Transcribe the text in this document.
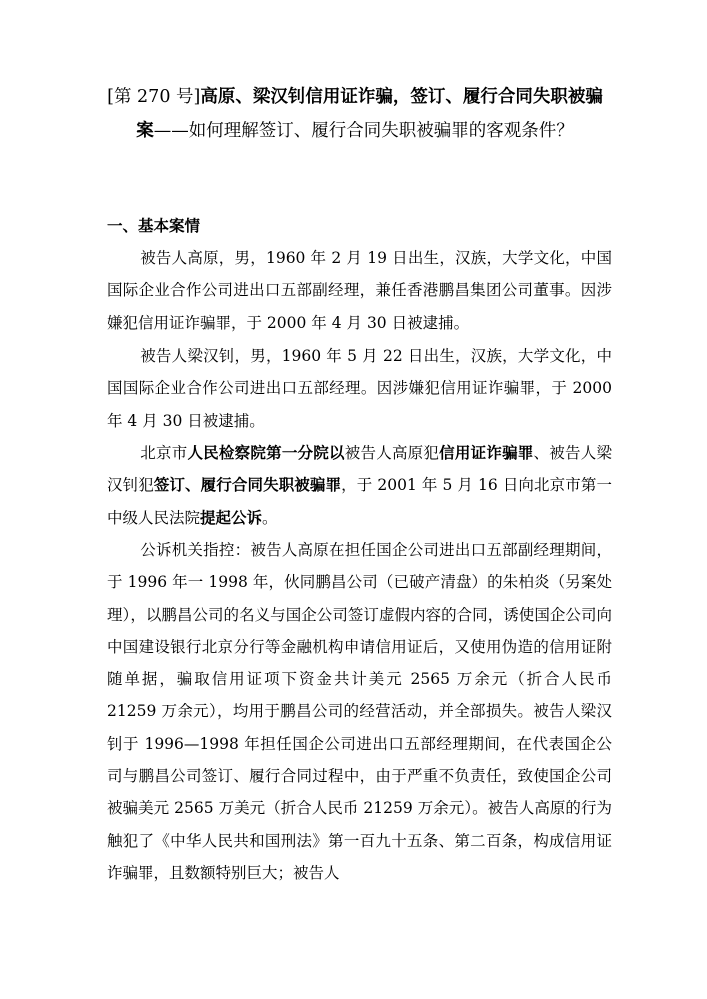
[第 270 号]高原、梁汉钊信用证诈骗，签订、履行合同失职被骗
案——如何理解签订、履行合同失职被骗罪的客观条件？
一、基本案情

被告人高原，男，1960 年 2 月 19 日出生，汉族，大学文化，中国国际企业合作公司进出口五部副经理，兼任香港鹏昌集团公司董事。因涉嫌犯信用证诈骗罪，于 2000 年 4 月 30 日被逮捕。

被告人梁汉钊，男，1960 年 5 月 22 日出生，汉族，大学文化，中国国际企业合作公司进出口五部经理。因涉嫌犯信用证诈骗罪，于 2000 年 4 月 30 日被逮捕。

北京市人民检察院第一分院以被告人高原犯信用证诈骗罪、被告人梁汉钊犯签订、履行合同失职被骗罪，于 2001 年 5 月 16 日向北京市第一中级人民法院提起公诉。

公诉机关指控：被告人高原在担任国企公司进出口五部副经理期间，于 1996 年一 1998 年，伙同鹏昌公司（已破产清盘）的朱柏炎（另案处理），以鹏昌公司的名义与国企公司签订虚假内容的合同，诱使国企公司向中国建设银行北京分行等金融机构申请信用证后，又使用伪造的信用证附随单据，骗取信用证项下资金共计美元 2565 万余元（折合人民币 21259 万余元），均用于鹏昌公司的经营活动，并全部损失。被告人梁汉钊于 1996—1998 年担任国企公司进出口五部经理期间，在代表国企公司与鹏昌公司签订、履行合同过程中，由于严重不负责任，致使国企公司被骗美元 2565 万美元（折合人民币 21259 万余元）。被告人高原的行为触犯了《中华人民共和国刑法》第一百九十五条、第二百条，构成信用证诈骗罪，且数额特别巨大；被告人
